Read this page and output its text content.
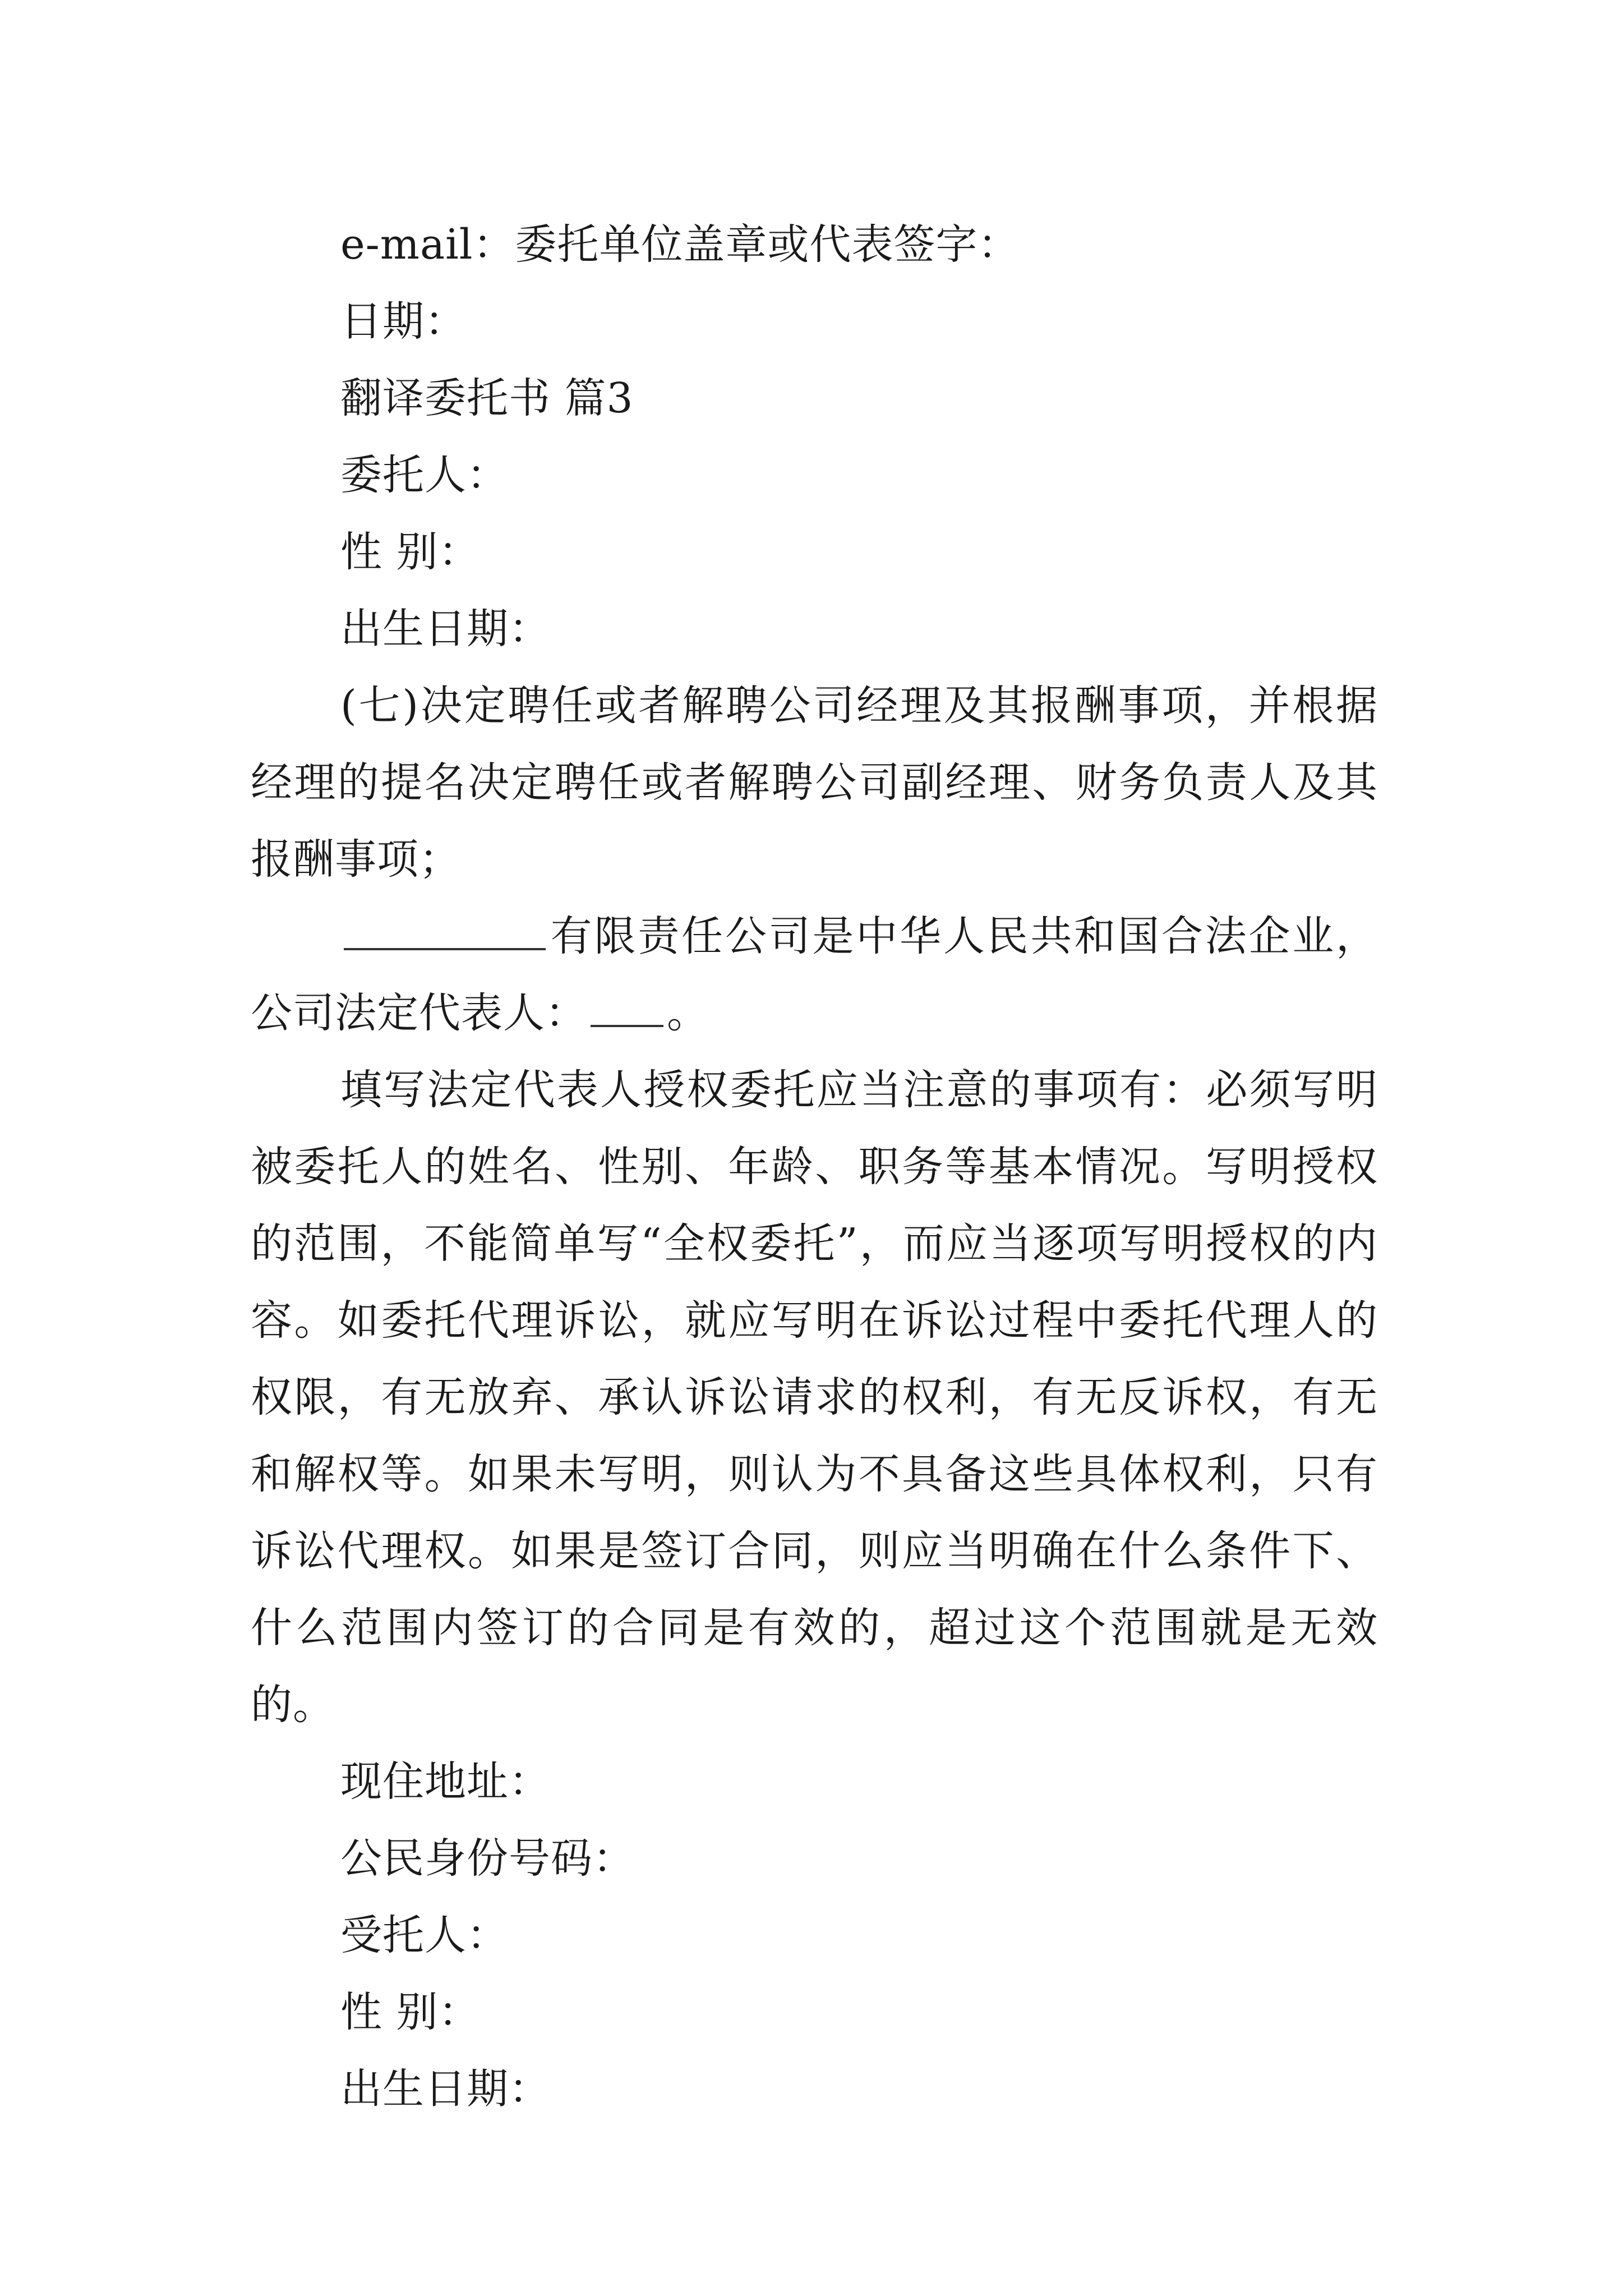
e-mail：委托单位盖章或代表签字：

日期：

翻译委托书 篇3

委托人：

性 别：

出生日期：

(七)决定聘任或者解聘公司经理及其报酬事项，并根据经理的提名决定聘任或者解聘公司副经理、财务负责人及其报酬事项；

有限责任公司是中华人民共和国合法企业，公司法定代表人： 。

填写法定代表人授权委托应当注意的事项有：必须写明被委托人的姓名、性别、年龄、职务等基本情况。写明授权的范围，不能简单写“全权委托”，而应当逐项写明授权的内容。如委托代理诉讼，就应写明在诉讼过程中委托代理人的权限，有无放弃、承认诉讼请求的权利，有无反诉权，有无和解权等。如果未写明，则认为不具备这些具体权利，只有诉讼代理权。如果是签订合同，则应当明确在什么条件下、什么范围内签订的合同是有效的，超过这个范围就是无效的。

现住地址：

公民身份号码：

受托人：

性 别：

出生日期：
